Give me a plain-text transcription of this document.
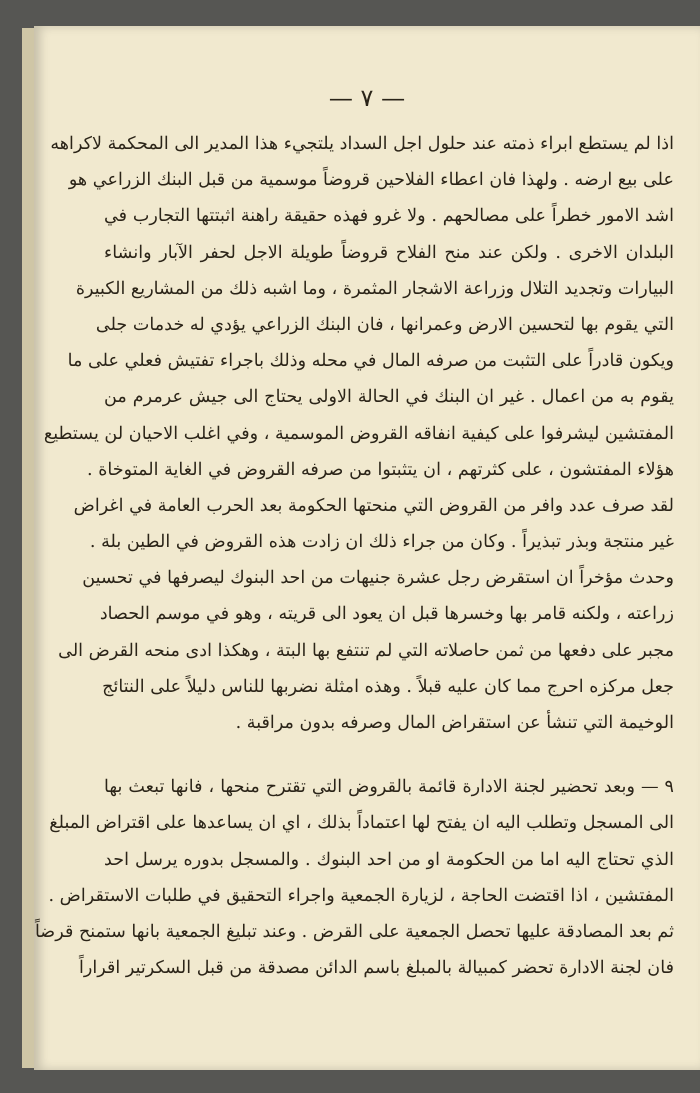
— ٧ —
اذا لم يستطع ابراء ذمته عند حلول اجل السداد يلتجيء هذا المدير الى المحكمة لاكراهه
على بيع ارضه . ولهذا فان اعطاء الفلاحين قروضاً موسمية من قبل البنك الزراعي هو
اشد الامور خطراً على مصالحهم . ولا غرو فهذه حقيقة راهنة اثبتتها التجارب في
البلدان الاخرى . ولكن عند منح الفلاح قروضاً طويلة الاجل لحفر الآبار وانشاء
البيارات وتجديد التلال وزراعة الاشجار المثمرة ، وما اشبه ذلك من المشاريع الكبيرة
التي يقوم بها لتحسين الارض وعمرانها ، فان البنك الزراعي يؤدي له خدمات جلى
ويكون قادراً على التثبت من صرفه المال في محله وذلك باجراء تفتيش فعلي على ما
يقوم به من اعمال . غير ان البنك في الحالة الاولى يحتاج الى جيش عرمرم من
المفتشين ليشرفوا على كيفية انفاقه القروض الموسمية ، وفي اغلب الاحيان لن يستطيع
هؤلاء المفتشون ، على كثرتهم ، ان يتثبتوا من صرفه القروض في الغاية المتوخاة .
لقد صرف عدد وافر من القروض التي منحتها الحكومة بعد الحرب العامة في اغراض
غير منتجة وبذر تبذيراً . وكان من جراء ذلك ان زادت هذه القروض في الطين بلة .
وحدث مؤخراً ان استقرض رجل عشرة جنيهات من احد البنوك ليصرفها في تحسين
زراعته ، ولكنه قامر بها وخسرها قبل ان يعود الى قريته ، وهو في موسم الحصاد
مجبر على دفعها من ثمن حاصلاته التي لم تنتفع بها البتة ، وهكذا ادى منحه القرض الى
جعل مركزه احرج مما كان عليه قبلاً . وهذه امثلة نضربها للناس دليلاً على النتائج
الوخيمة التي تنشأ عن استقراض المال وصرفه بدون مراقبة .
٩ — وبعد تحضير لجنة الادارة قائمة بالقروض التي تقترح منحها ، فانها تبعث بها
الى المسجل وتطلب اليه ان يفتح لها اعتماداً بذلك ، اي ان يساعدها على اقتراض المبلغ
الذي تحتاج اليه اما من الحكومة او من احد البنوك . والمسجل بدوره يرسل احد
المفتشين ، اذا اقتضت الحاجة ، لزيارة الجمعية واجراء التحقيق في طلبات الاستقراض .
ثم بعد المصادقة عليها تحصل الجمعية على القرض . وعند تبليغ الجمعية بانها ستمنح قرضاً
فان لجنة الادارة تحضر كمبيالة بالمبلغ باسم الدائن مصدقة من قبل السكرتير اقراراً
